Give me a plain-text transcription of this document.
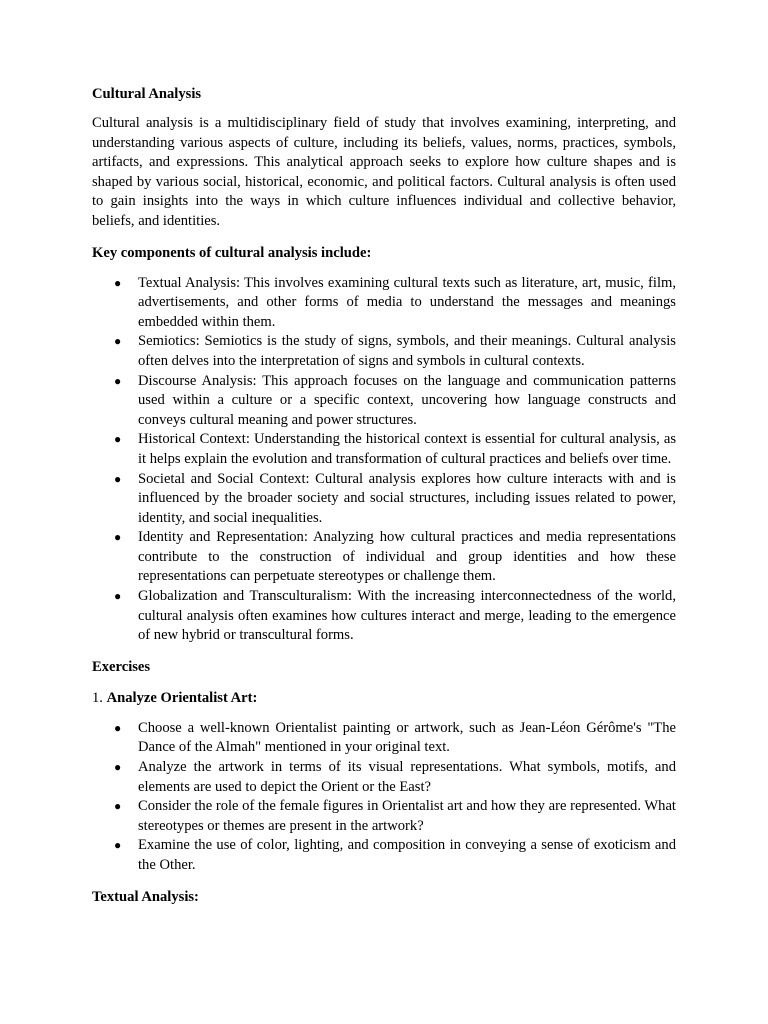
Cultural Analysis

Cultural analysis is a multidisciplinary field of study that involves examining, interpreting, and understanding various aspects of culture, including its beliefs, values, norms, practices, symbols, artifacts, and expressions. This analytical approach seeks to explore how culture shapes and is shaped by various social, historical, economic, and political factors. Cultural analysis is often used to gain insights into the ways in which culture influences individual and collective behavior, beliefs, and identities.

Key components of cultural analysis include:
● Textual Analysis: This involves examining cultural texts such as literature, art, music, film, advertisements, and other forms of media to understand the messages and meanings embedded within them.
● Semiotics: Semiotics is the study of signs, symbols, and their meanings. Cultural analysis often delves into the interpretation of signs and symbols in cultural contexts.
● Discourse Analysis: This approach focuses on the language and communication patterns used within a culture or a specific context, uncovering how language constructs and conveys cultural meaning and power structures.
● Historical Context: Understanding the historical context is essential for cultural analysis, as it helps explain the evolution and transformation of cultural practices and beliefs over time.
● Societal and Social Context: Cultural analysis explores how culture interacts with and is influenced by the broader society and social structures, including issues related to power, identity, and social inequalities.
● Identity and Representation: Analyzing how cultural practices and media representations contribute to the construction of individual and group identities and how these representations can perpetuate stereotypes or challenge them.
● Globalization and Transculturalism: With the increasing interconnectedness of the world, cultural analysis often examines how cultures interact and merge, leading to the emergence of new hybrid or transcultural forms.
Exercises
1. Analyze Orientalist Art:
● Choose a well-known Orientalist painting or artwork, such as Jean-Léon Gérôme's "The Dance of the Almah" mentioned in your original text.
● Analyze the artwork in terms of its visual representations. What symbols, motifs, and elements are used to depict the Orient or the East?
● Consider the role of the female figures in Orientalist art and how they are represented. What stereotypes or themes are present in the artwork?
● Examine the use of color, lighting, and composition in conveying a sense of exoticism and the Other.
Textual Analysis:
